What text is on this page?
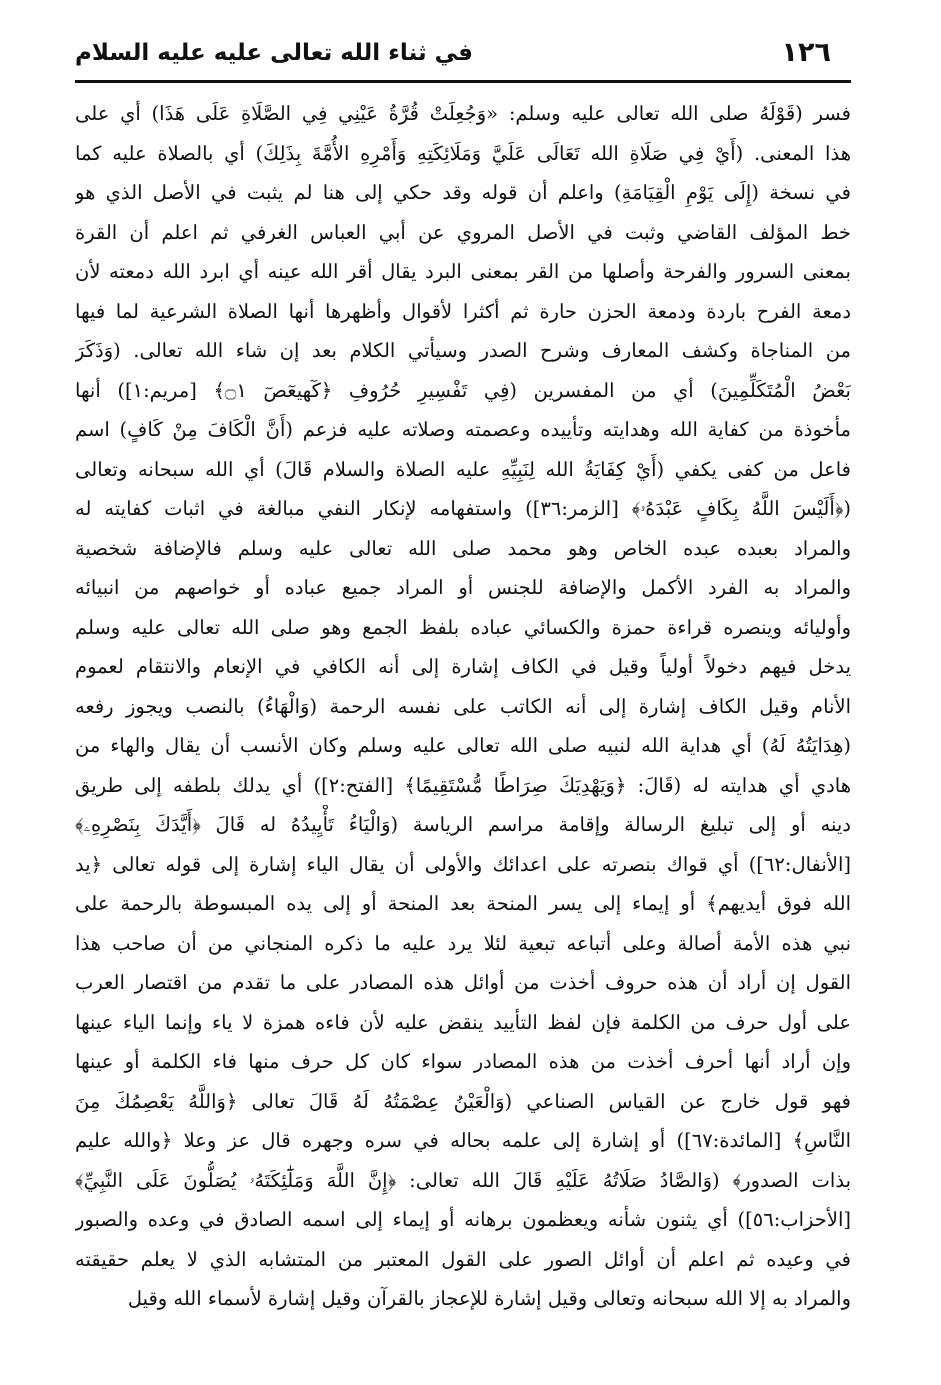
١٢٦
في ثناء الله تعالى عليه عليه السلام
فسر (قَوْلَهُ صلى الله تعالى عليه وسلم: «وَجُعِلَتْ قُرَّةُ عَيْنِي فِي الصَّلَاةِ عَلَى هَذَا) أي على
هذا المعنى. (أَيْ فِي صَلَاةِ الله تَعَالَى عَلَيَّ وَمَلَائِكَتِهِ وَأَمْرِهِ الأُمَّةَ بِذَلِكَ) أي بالصلاة عليه كما
في نسخة (إِلَى يَوْمِ الْقِيَامَةِ) واعلم أن قوله وقد حكي إلى هنا لم يثبت في الأصل الذي هو
خط المؤلف القاضي وثبت في الأصل المروي عن أبي العباس الغرفي ثم اعلم أن القرة
بمعنى السرور والفرحة وأصلها من القر بمعنى البرد يقال أقر الله عينه أي ابرد الله دمعته لأن
دمعة الفرح باردة ودمعة الحزن حارة ثم أكثرا لأقوال وأظهرها أنها الصلاة الشرعية لما فيها
من المناجاة وكشف المعارف وشرح الصدر وسيأتي الكلام بعد إن شاء الله تعالى. (وَذَكَرَ
بَعْضُ الْمُتَكَلِّمِينَ) أي من المفسرين (فِي تَفْسِيرِ حُرُوفِ ﴿كٓهيعٓصٓ ۝١﴾ [مريم:١]) أنها
مأخوذة من كفاية الله وهدايته وتأييده وعصمته وصلاته عليه فزعم (أَنَّ الْكَافَ مِنْ كَافٍ) اسم
فاعل من كفى يكفي (أَيْ كِفَايَةُ الله لِنَبِيِّهِ عليه الصلاة والسلام قَالَ) أي الله سبحانه وتعالى
(﴿أَلَيْسَ اللَّهُ بِكَافٍ عَبْدَهُۥ﴾ [الزمر:٣٦]) واستفهامه لإنكار النفي مبالغة في اثبات كفايته له
والمراد بعبده عبده الخاص وهو محمد صلى الله تعالى عليه وسلم فالإضافة شخصية
والمراد به الفرد الأكمل والإضافة للجنس أو المراد جميع عباده أو خواصهم من انبيائه
وأوليائه وينصره قراءة حمزة والكسائي عباده بلفظ الجمع وهو صلى الله تعالى عليه وسلم
يدخل فيهم دخولاً أولياً وقيل في الكاف إشارة إلى أنه الكافي في الإنعام والانتقام لعموم
الأنام وقيل الكاف إشارة إلى أنه الكاتب على نفسه الرحمة (وَالْهَاءُ) بالنصب ويجوز رفعه
(هِدَايَتُهُ لَهُ) أي هداية الله لنبيه صلى الله تعالى عليه وسلم وكان الأنسب أن يقال والهاء من
هادي أي هدايته له (قَالَ: ﴿وَيَهْدِيَكَ صِرَاطًا مُّسْتَقِيمًا﴾ [الفتح:٢]) أي يدلك بلطفه إلى طريق
دينه أو إلى تبليغ الرسالة وإقامة مراسم الرياسة (وَالْيَاءُ تَأْيِيدُهُ له قَالَ ﴿أَيَّدَكَ بِنَصْرِهِۦ﴾
[الأنفال:٦٢]) أي قواك بنصرته على اعدائك والأولى أن يقال الياء إشارة إلى قوله تعالى ﴿يد
الله فوق أيديهم﴾ أو إيماء إلى يسر المنحة بعد المنحة أو إلى يده المبسوطة بالرحمة على
نبي هذه الأمة أصالة وعلى أتباعه تبعية لئلا يرد عليه ما ذكره المنجاني من أن صاحب هذا
القول إن أراد أن هذه حروف أخذت من أوائل هذه المصادر على ما تقدم من اقتصار العرب
على أول حرف من الكلمة فإن لفظ التأييد ينقض عليه لأن فاءه همزة لا ياء وإنما الياء عينها
وإن أراد أنها أحرف أخذت من هذه المصادر سواء كان كل حرف منها فاء الكلمة أو عينها
فهو قول خارج عن القياس الصناعي (وَالْعَيْنُ عِصْمَتُهُ لَهُ قَالَ تعالى ﴿وَاللَّهُ يَعْصِمُكَ مِنَ
النَّاسِ﴾ [المائدة:٦٧]) أو إشارة إلى علمه بحاله في سره وجهره قال عز وعلا ﴿والله عليم
بذات الصدور﴾ (وَالصَّادُ صَلَاتُهُ عَلَيْهِ قَالَ الله تعالى: ﴿إِنَّ اللَّهَ وَمَلَٰٓئِكَتَهُۥ يُصَلُّونَ عَلَى النَّبِيِّ﴾
[الأحزاب:٥٦]) أي يثنون شأنه ويعظمون برهانه أو إيماء إلى اسمه الصادق في وعده والصبور
في وعيده ثم اعلم أن أوائل الصور على القول المعتبر من المتشابه الذي لا يعلم حقيقته
والمراد به إلا الله سبحانه وتعالى وقيل إشارة للإعجاز بالقرآن وقيل إشارة لأسماء الله وقيل
